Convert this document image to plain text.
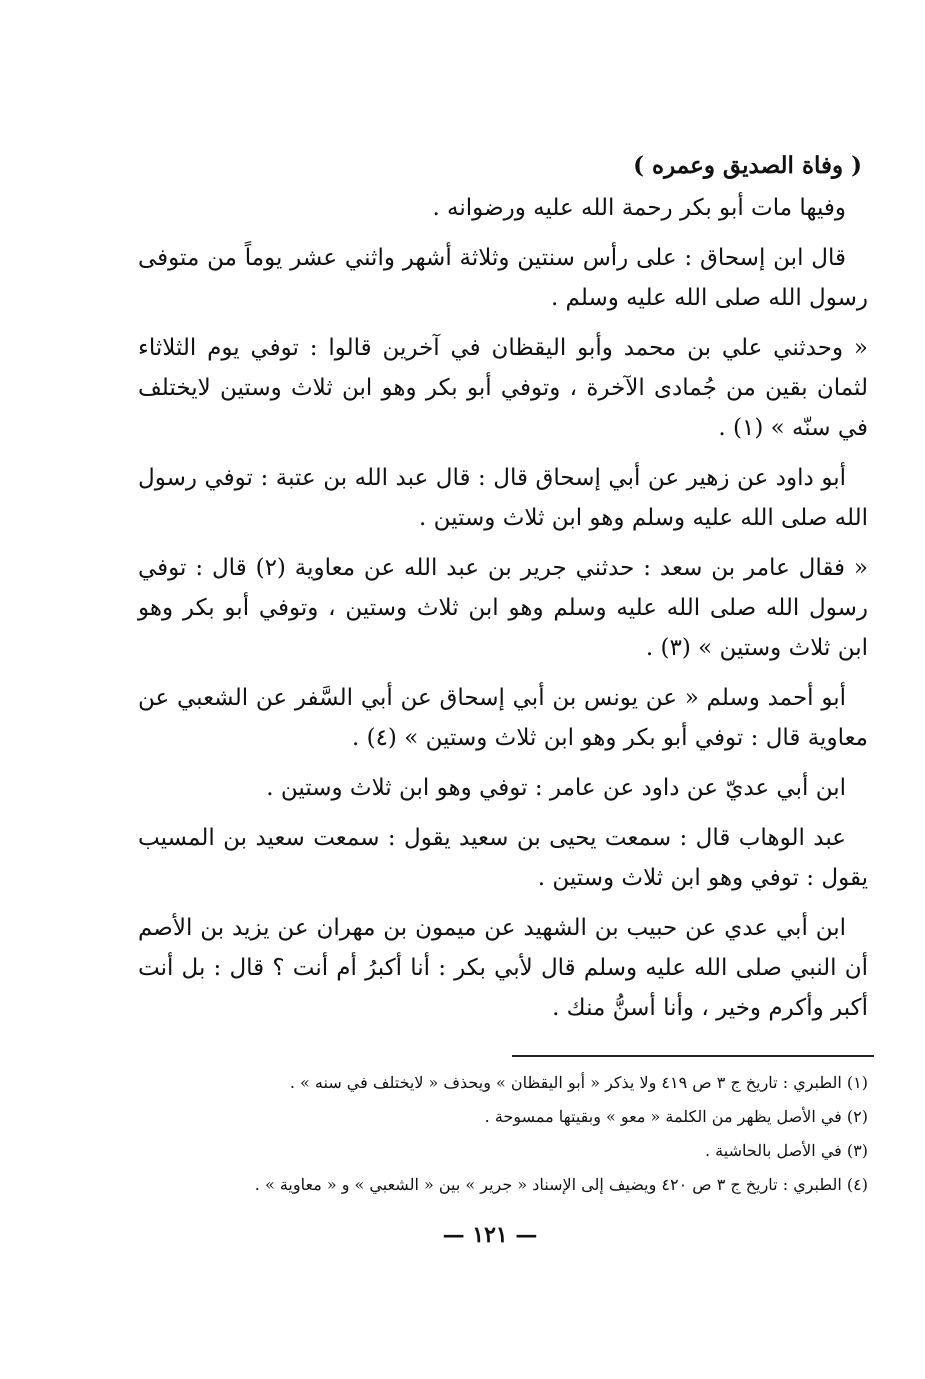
( وفاة الصديق وعمره )

وفيها مات أبو بكر رحمة الله عليه ورضوانه .

قال ابن إسحاق : على رأس سنتين وثلاثة أشهر واثني عشر يوماً من متوفى رسول الله صلى الله عليه وسلم .

« وحدثني علي بن محمد وأبو اليقظان في آخرين قالوا : توفي يوم الثلاثاء لثمان بقين من جُمادى الآخرة ، وتوفي أبو بكر وهو ابن ثلاث وستين لايختلف في سنّه » (١) .

أبو داود عن زهير عن أبي إسحاق قال : قال عبد الله بن عتبة : توفي رسول الله صلى الله عليه وسلم وهو ابن ثلاث وستين .

« فقال عامر بن سعد : حدثني جرير بن عبد الله عن معاوية (٢) قال : توفي رسول الله صلى الله عليه وسلم وهو ابن ثلاث وستين ، وتوفي أبو بكر وهو ابن ثلاث وستين » (٣) .

أبو أحمد وسلم « عن يونس بن أبي إسحاق عن أبي السَّفر عن الشعبي عن معاوية قال : توفي أبو بكر وهو ابن ثلاث وستين » (٤) .

ابن أبي عديّ عن داود عن عامر : توفي وهو ابن ثلاث وستين .

عبد الوهاب قال : سمعت يحيى بن سعيد يقول : سمعت سعيد بن المسيب يقول : توفي وهو ابن ثلاث وستين .

ابن أبي عدي عن حبيب بن الشهيد عن ميمون بن مهران عن يزيد بن الأصم أن النبي صلى الله عليه وسلم قال لأبي بكر : أنا أكبرُ أم أنت ؟ قال : بل أنت أكبر وأكرم وخير ، وأنا أسنُّ منك .

(١) الطبري : تاريخ ج ٣ ص ٤١٩ ولا يذكر « أبو اليقظان » ويحذف « لايختلف في سنه » .

(٢) في الأصل يظهر من الكلمة « معو » وبقيتها ممسوحة .

(٣) في الأصل بالحاشية .

(٤) الطبري : تاريخ ج ٣ ص ٤٢٠ ويضيف إلى الإسناد « جرير » بين « الشعبي » و « معاوية » .

— ١٢١ —
